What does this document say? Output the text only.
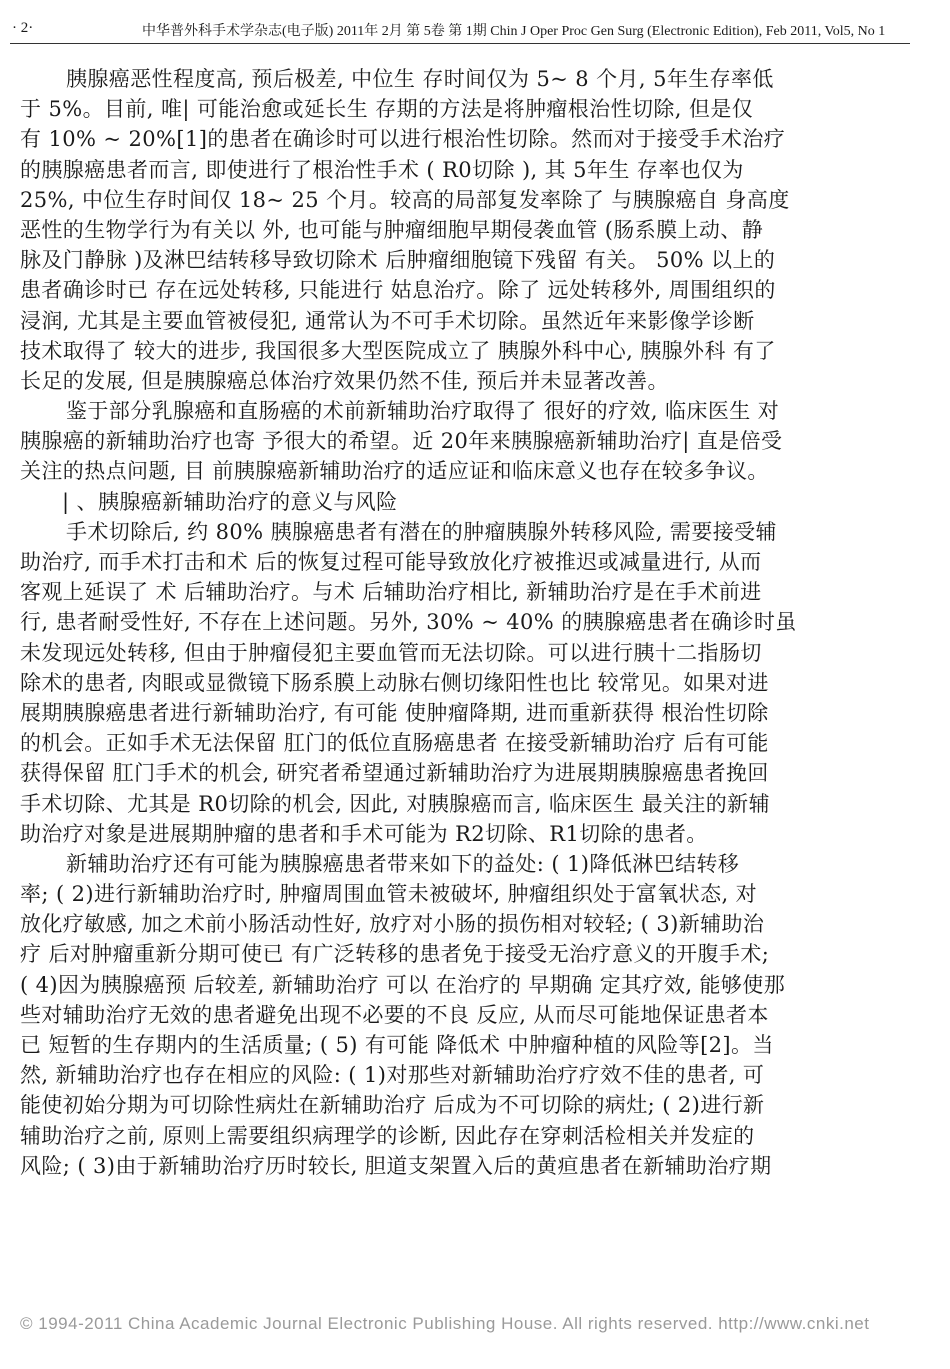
· 2·	中华普外科手术学杂志(电子版) 2011年 2月 第 5卷 第 1期 Chin J Oper Proc Gen Surg (Electronic Edition), Feb 2011, Vol5, No 1
胰腺癌恶性程度高, 预后极差, 中位生 存时间仅为 5~ 8 个月, 5年生存率低
于 5%。目前, 唯| 可能治愈或延长生 存期的方法是将肿瘤根治性切除, 但是仅
有 10% ~ 20%[1]的患者在确诊时可以进行根治性切除。然而对于接受手术治疗
的胰腺癌患者而言, 即使进行了根治性手术 ( R0切除 ), 其 5年生 存率也仅为
25%, 中位生存时间仅 18~ 25 个月。较高的局部复发率除了 与胰腺癌自 身高度
恶性的生物学行为有关以 外, 也可能与肿瘤细胞早期侵袭血管 (肠系膜上动、静
脉及门静脉 )及淋巴结转移导致切除术 后肿瘤细胞镜下残留 有关。 50% 以上的
患者确诊时已 存在远处转移, 只能进行 姑息治疗。除了 远处转移外, 周围组织的
浸润, 尤其是主要血管被侵犯, 通常认为不可手术切除。虽然近年来影像学诊断
技术取得了 较大的进步, 我国很多大型医院成立了 胰腺外科中心, 胰腺外科 有了
长足的发展, 但是胰腺癌总体治疗效果仍然不佳, 预后并未显著改善。
鉴于部分乳腺癌和直肠癌的术前新辅助治疗取得了 很好的疗效, 临床医生 对
胰腺癌的新辅助治疗也寄 予很大的希望。近 20年来胰腺癌新辅助治疗| 直是倍受
关注的热点问题, 目 前胰腺癌新辅助治疗的适应证和临床意义也存在较多争议。
| 、胰腺癌新辅助治疗的意义与风险
手术切除后, 约 80% 胰腺癌患者有潜在的肿瘤胰腺外转移风险, 需要接受辅
助治疗, 而手术打击和术 后的恢复过程可能导致放化疗被推迟或减量进行, 从而
客观上延误了 术 后辅助治疗。与术 后辅助治疗相比, 新辅助治疗是在手术前进
行, 患者耐受性好, 不存在上述问题。另外, 30% ~ 40% 的胰腺癌患者在确诊时虽
未发现远处转移, 但由于肿瘤侵犯主要血管而无法切除。可以进行胰十二指肠切
除术的患者, 肉眼或显微镜下肠系膜上动脉右侧切缘阳性也比 较常见。如果对进
展期胰腺癌患者进行新辅助治疗, 有可能 使肿瘤降期, 进而重新获得 根治性切除
的机会。正如手术无法保留 肛门的低位直肠癌患者 在接受新辅助治疗 后有可能
获得保留 肛门手术的机会, 研究者希望通过新辅助治疗为进展期胰腺癌患者挽回
手术切除、尤其是 R0切除的机会, 因此, 对胰腺癌而言, 临床医生 最关注的新辅
助治疗对象是进展期肿瘤的患者和手术可能为 R2切除、R1切除的患者。
新辅助治疗还有可能为胰腺癌患者带来如下的益处: ( 1)降低淋巴结转移
率; ( 2)进行新辅助治疗时, 肿瘤周围血管未被破坏, 肿瘤组织处于富氧状态, 对
放化疗敏感, 加之术前小肠活动性好, 放疗对小肠的损伤相对较轻; ( 3)新辅助治
疗 后对肿瘤重新分期可使已 有广泛转移的患者免于接受无治疗意义的开腹手术;
( 4)因为胰腺癌预 后较差, 新辅助治疗 可以 在治疗的 早期确 定其疗效, 能够使那
些对辅助治疗无效的患者避免出现不必要的不良 反应, 从而尽可能地保证患者本
已 短暂的生存期内的生活质量; ( 5) 有可能 降低术 中肿瘤种植的风险等[2]。当
然, 新辅助治疗也存在相应的风险: ( 1)对那些对新辅助治疗疗效不佳的患者, 可
能使初始分期为可切除性病灶在新辅助治疗 后成为不可切除的病灶; ( 2)进行新
辅助治疗之前, 原则上需要组织病理学的诊断, 因此存在穿刺活检相关并发症的
风险; ( 3)由于新辅助治疗历时较长, 胆道支架置入后的黄疸患者在新辅助治疗期
© 1994-2011 China Academic Journal Electronic Publishing House. All rights reserved. http://www.cnki.net
